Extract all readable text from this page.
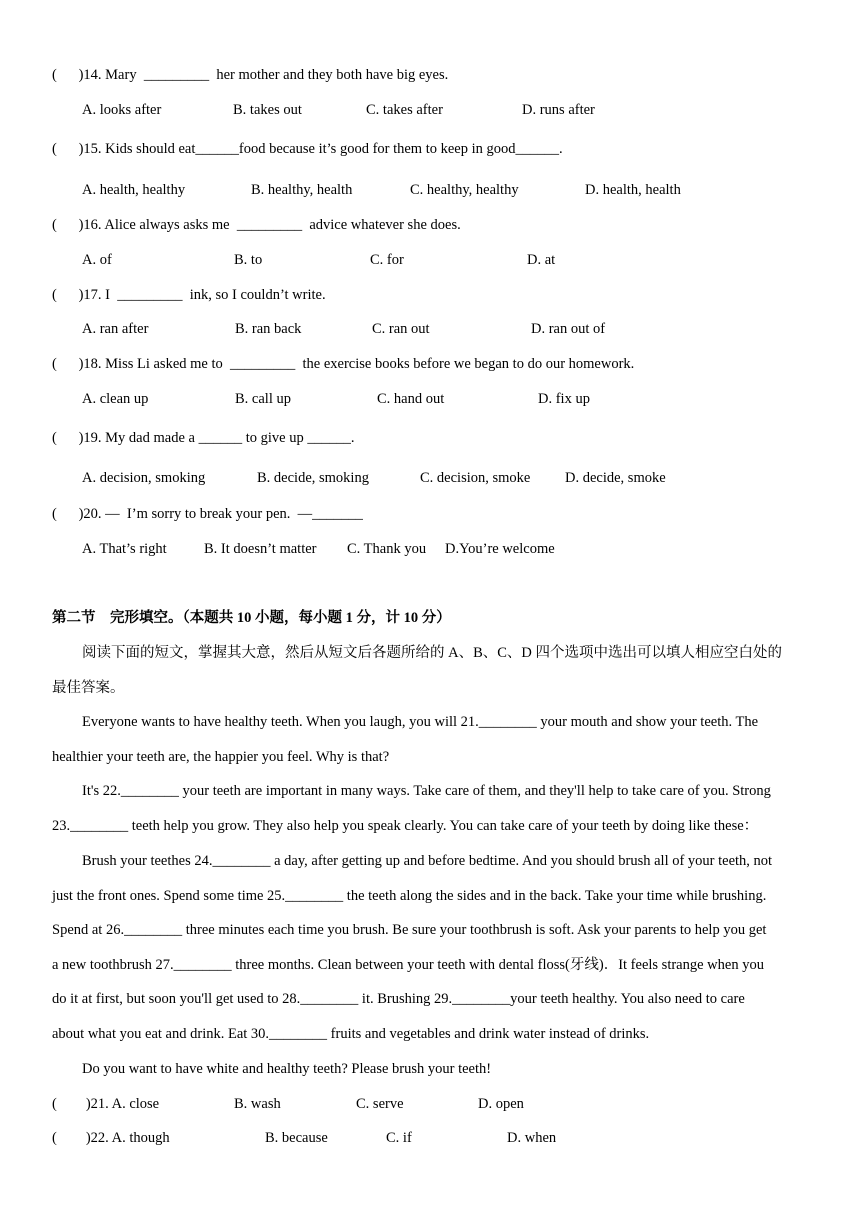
(      )14. Mary  _________  her mother and they both have big eyes.
A. looks after	B. takes out	C. takes after	D. runs after
(      )15. Kids should eat______food because it’s good for them to keep in good______.
A. health, healthy	B. healthy, health	C. healthy, healthy	D. health, health
(      )16. Alice always asks me  _________  advice whatever she does.
A. of	B. to	C. for	D. at
(      )17. I  _________  ink, so I couldn’t write.
A. ran after	B. ran back	C. ran out	D. ran out of
(      )18. Miss Li asked me to  _________  the exercise books before we began to do our homework.
A. clean up	B. call up	C. hand out	D. fix up
(      )19. My dad made a ______ to give up ______.
A. decision, smoking	B. decide, smoking	C. decision, smoke D. decide, smoke
(      )20. —  I’m sorry to break your pen.  —_______
A. That’s right	B. It doesn’t matter C. Thank you D.You’re welcome
第二节    完形填空。（本题共 10 小题，每小题 1 分，计 10 分）
阅读下面的短文，掌握其大意，然后从短文后各题所给的 A、B、C、D 四个选项中选出可以填人相应空白处的
最佳答案。
Everyone wants to have healthy teeth. When you laugh, you will 21.________ your mouth and show your teeth. The
healthier your teeth are, the happier you feel. Why is that?
It's 22.________ your teeth are important in many ways. Take care of them, and they'll help to take care of you. Strong
23.________ teeth help you grow. They also help you speak clearly. You can take care of your teeth by doing like these：
Brush your teethes 24.________ a day, after getting up and before bedtime. And you should brush all of your teeth, not
just the front ones. Spend some time 25.________ the teeth along the sides and in the back. Take your time while brushing.
Spend at 26.________ three minutes each time you brush. Be sure your toothbrush is soft. Ask your parents to help you get
a new toothbrush 27.________ three months. Clean between your teeth with dental floss(牙线)．It feels strange when you
do it at first, but soon you'll get used to 28.________ it. Brushing 29.________your teeth healthy. You also need to care
about what you eat and drink. Eat 30.________ fruits and vegetables and drink water instead of drinks.
Do you want to have white and healthy teeth? Please brush your teeth!
(        )21. A. close	B. wash	C. serve	D. open
(        )22. A. though	B. because	C. if	D. when
